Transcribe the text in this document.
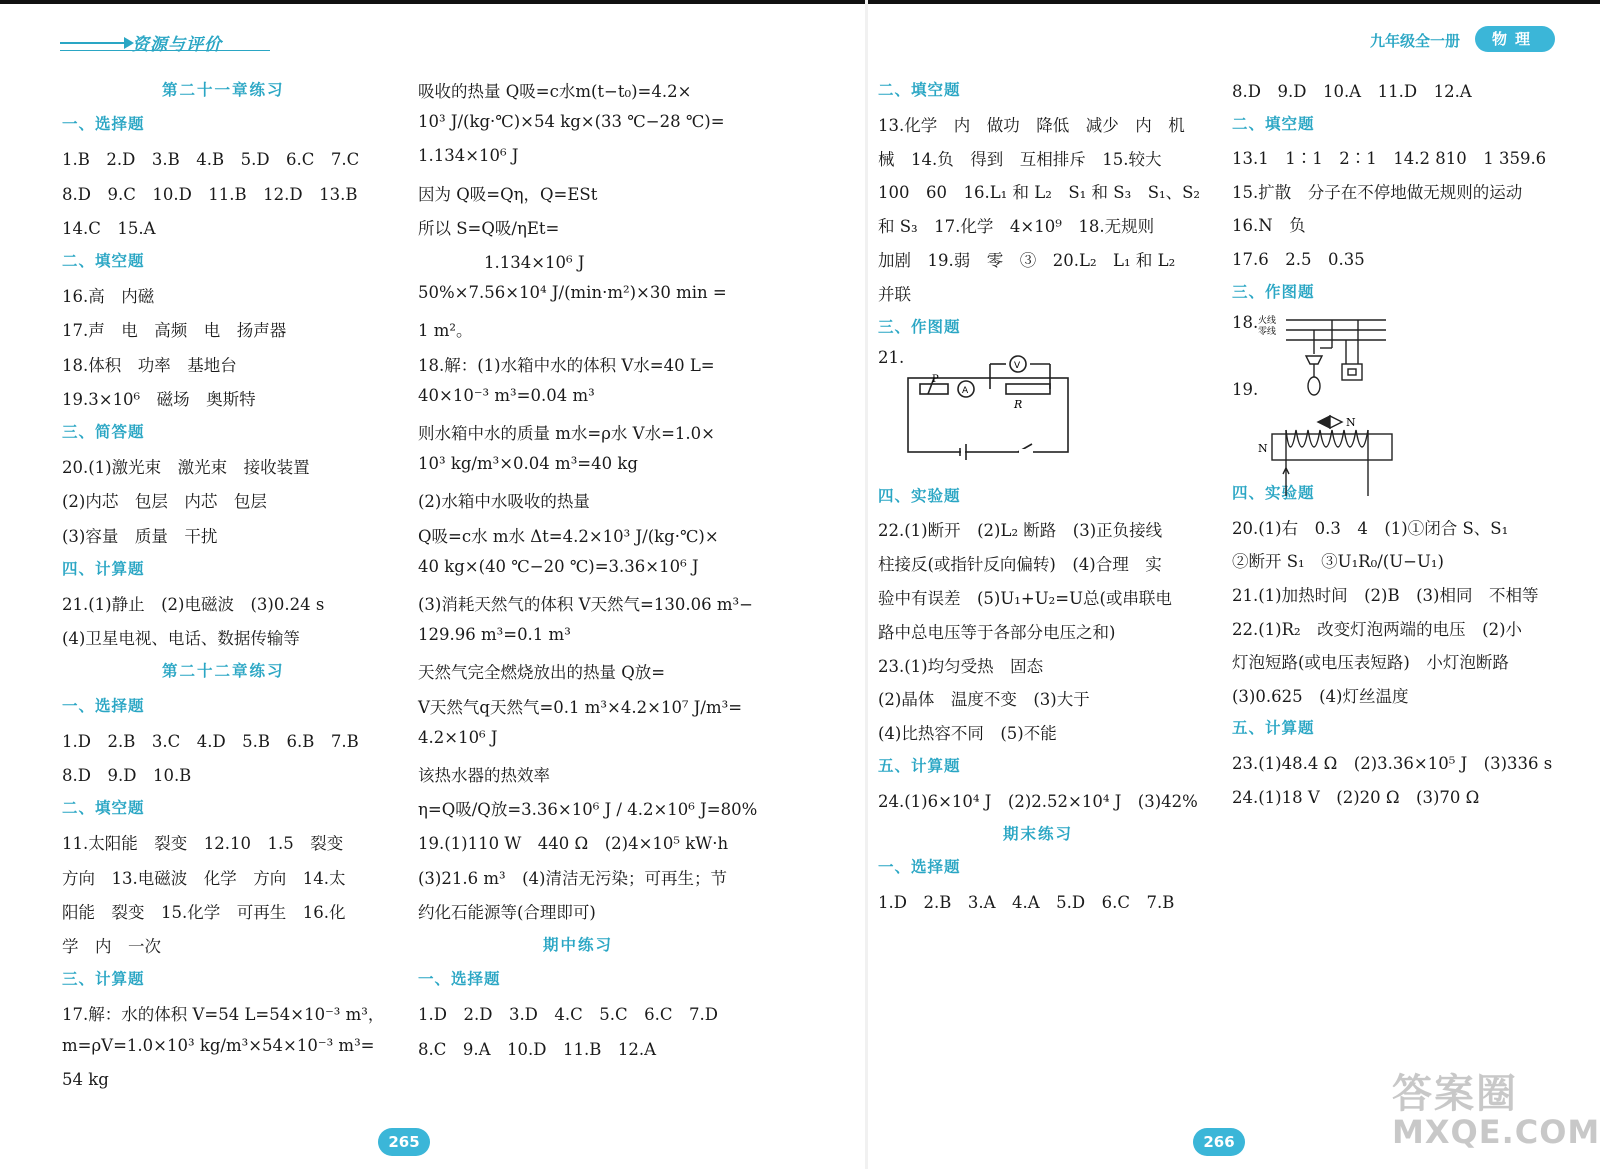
资源与评价	九年级全一册	物理
第二十一章练习
一、选择题
1.B　2.D　3.B　4.B　5.D　6.C　7.C
8.D　9.C　10.D　11.B　12.D　13.B
14.C　15.A
二、填空题
16.高　内磁
17.声　电　高频　电　扬声器
18.体积　功率　基地台
19.3×10⁶　磁场　奥斯特
三、简答题
20.(1)激光束　激光束　接收装置
(2)内芯　包层　内芯　包层
(3)容量　质量　干扰
四、计算题
21.(1)静止　(2)电磁波　(3)0.24 s
(4)卫星电视、电话、数据传输等
第二十二章练习
一、选择题
1.D　2.B　3.C　4.D　5.B　6.B　7.B
8.D　9.D　10.B
二、填空题
11.太阳能　裂变　12.10　1.5　裂变
方向　13.电磁波　化学　方向　14.太
阳能　裂变　15.化学　可再生　16.化
学　内　一次
三、计算题
17.解：水的体积 V=54 L=54×10⁻³ m³，
m=ρV=1.0×10³ kg/m³×54×10⁻³ m³=
54 kg
吸收的热量 Q吸=c水m(t−t₀)=4.2×
10³ J/(kg·℃)×54 kg×(33 ℃−28 ℃)=
1.134×10⁶ J
因为 Q吸=Qη，Q=ESt
所以 S=Q吸/ηEt=
　　　　1.134×10⁶ J
50%×7.56×10⁴ J/(min·m²)×30 min =
1 m²。
18.解：(1)水箱中水的体积 V水=40 L=
40×10⁻³ m³=0.04 m³
则水箱中水的质量 m水=ρ水 V水=1.0×
10³ kg/m³×0.04 m³=40 kg
(2)水箱中水吸收的热量
Q吸=c水 m水 Δt=4.2×10³ J/(kg·℃)×
40 kg×(40 ℃−20 ℃)=3.36×10⁶ J
(3)消耗天然气的体积 V天然气=130.06 m³−
129.96 m³=0.1 m³
天然气完全燃烧放出的热量 Q放=
V天然气q天然气=0.1 m³×4.2×10⁷ J/m³=
4.2×10⁶ J
该热水器的热效率
η=Q吸/Q放=3.36×10⁶ J / 4.2×10⁶ J=80%
19.(1)110 W　440 Ω　(2)4×10⁵ kW·h
(3)21.6 m³　(4)清洁无污染；可再生；节
约化石能源等(合理即可)
期中练习
一、选择题
1.D　2.D　3.D　4.C　5.C　6.C　7.D
8.C　9.A　10.D　11.B　12.A
二、填空题
13.化学　内　做功　降低　减少　内　机
械　14.负　得到　互相排斥　15.较大
100　60　16.L₁ 和 L₂　S₁ 和 S₃　S₁、S₂
和 S₃　17.化学　4×10⁹　18.无规则
加剧　19.弱　零　③　20.L₂　L₁ 和 L₂
并联
三、作图题
21.
四、实验题
22.(1)断开　(2)L₂ 断路　(3)正负接线
柱接反(或指针反向偏转)　(4)合理　实
验中有误差　(5)U₁+U₂=U总(或串联电
路中总电压等于各部分电压之和)
23.(1)均匀受热　固态
(2)晶体　温度不变　(3)大于
(4)比热容不同　(5)不能
五、计算题
24.(1)6×10⁴ J　(2)2.52×10⁴ J　(3)42%
期末练习
一、选择题
1.D　2.B　3.A　4.A　5.D　6.C　7.B
8.D　9.D　10.A　11.D　12.A
二、填空题
13.1　1∶1　2∶1　14.2 810　1 359.6
15.扩散　分子在不停地做无规则的运动
16.N　负
17.6　2.5　0.35
三、作图题
18.
19.
四、实验题
20.(1)右　0.3　4　(1)①闭合 S、S₁
②断开 S₁　③U₁R₀/(U−U₁)
21.(1)加热时间　(2)B　(3)相同　不相等
22.(1)R₂　改变灯泡两端的电压　(2)小
灯泡短路(或电压表短路)　小灯泡断路
(3)0.625　(4)灯丝温度
五、计算题
23.(1)48.4 Ω　(2)3.36×10⁵ J　(3)336 s
24.(1)18 V　(2)20 Ω　(3)70 Ω
P
A
V
R
火线
零线
N
N
265	266
答案圈
MXQE.COM
